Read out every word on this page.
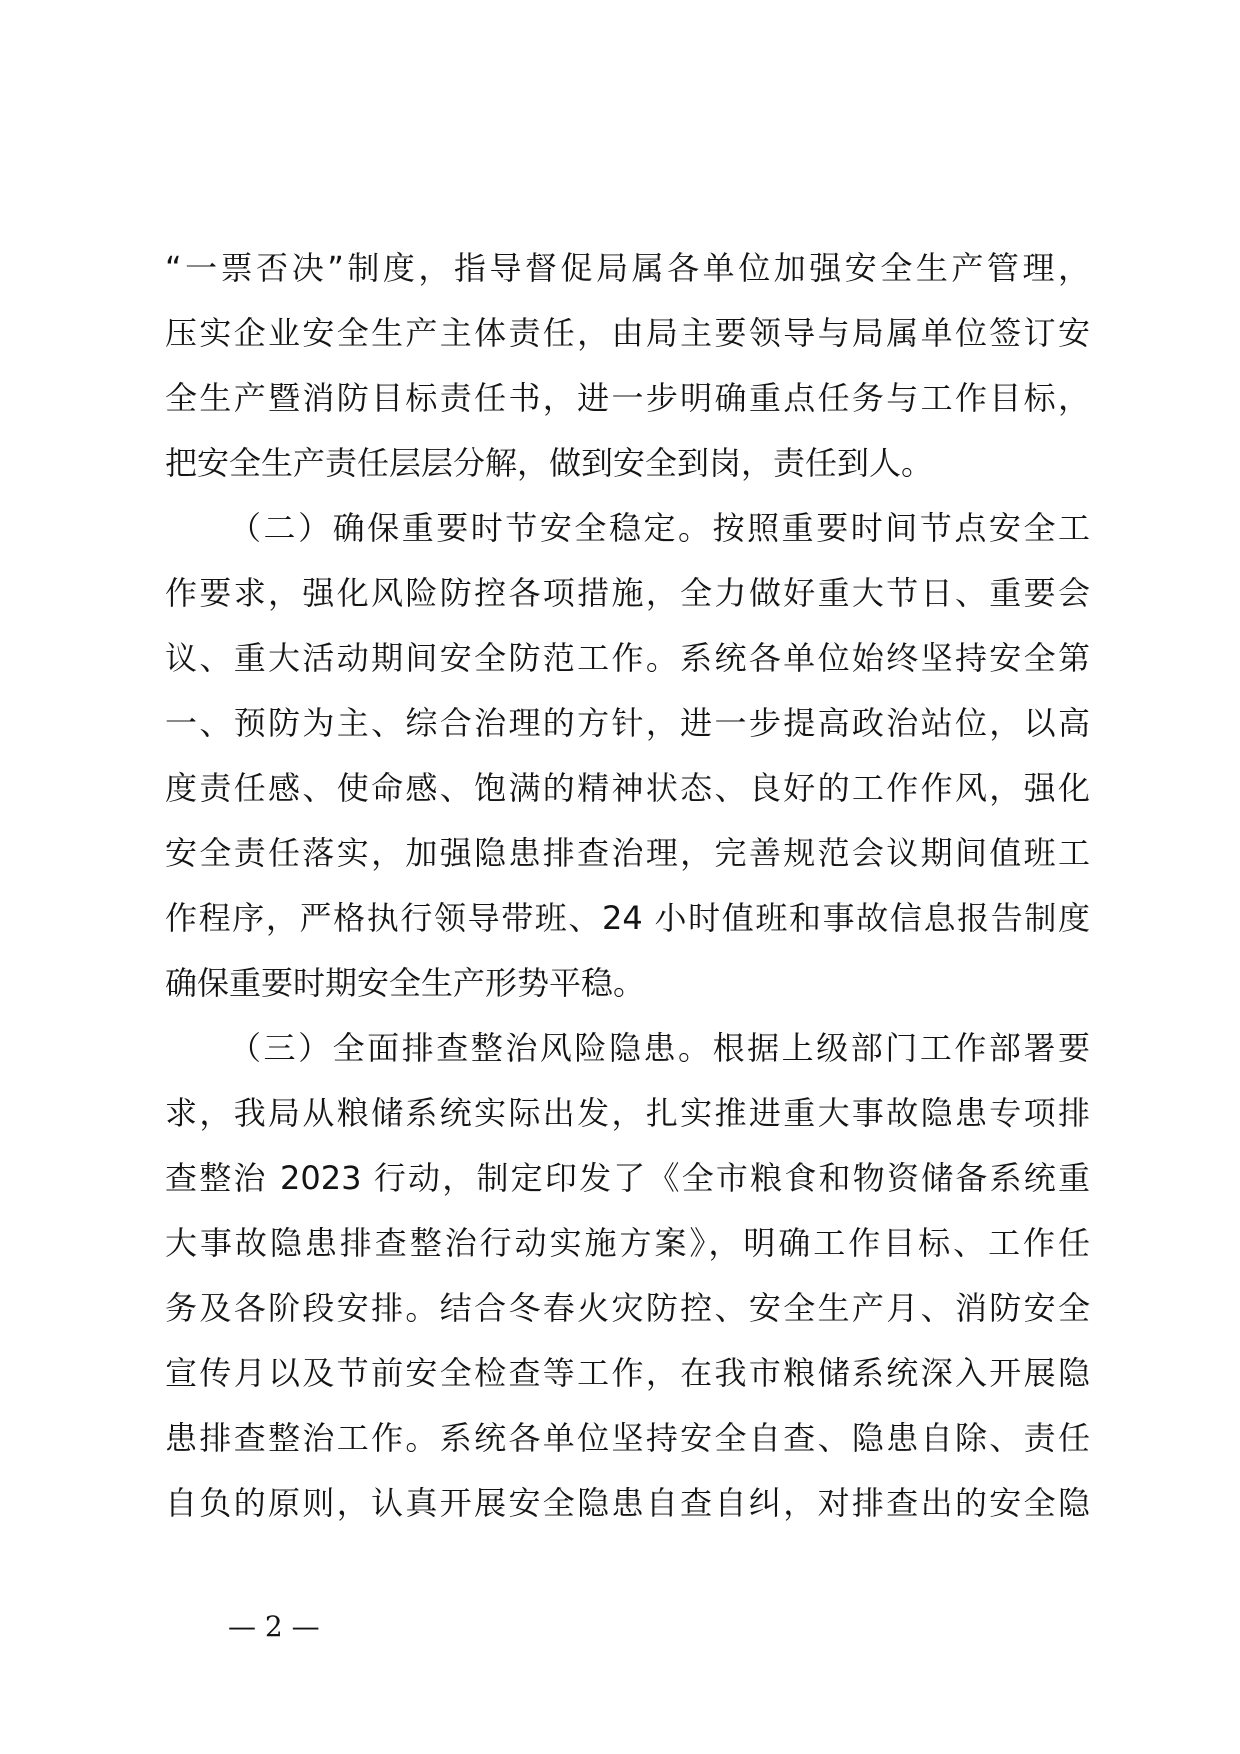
“一票否决”制度，指导督促局属各单位加强安全生产管理，
压实企业安全生产主体责任，由局主要领导与局属单位签订安
全生产暨消防目标责任书，进一步明确重点任务与工作目标，
把安全生产责任层层分解，做到安全到岗，责任到人。
（二）确保重要时节安全稳定。按照重要时间节点安全工
作要求，强化风险防控各项措施，全力做好重大节日、重要会
议、重大活动期间安全防范工作。系统各单位始终坚持安全第
一、预防为主、综合治理的方针，进一步提高政治站位，以高
度责任感、使命感、饱满的精神状态、良好的工作作风，强化
安全责任落实，加强隐患排查治理，完善规范会议期间值班工
作程序，严格执行领导带班、24 小时值班和事故信息报告制度
确保重要时期安全生产形势平稳。
（三）全面排查整治风险隐患。根据上级部门工作部署要
求，我局从粮储系统实际出发，扎实推进重大事故隐患专项排
查整治 2023 行动，制定印发了《全市粮食和物资储备系统重
大事故隐患排查整治行动实施方案》，明确工作目标、工作任
务及各阶段安排。结合冬春火灾防控、安全生产月、消防安全
宣传月以及节前安全检查等工作，在我市粮储系统深入开展隐
患排查整治工作。系统各单位坚持安全自查、隐患自除、责任
自负的原则，认真开展安全隐患自查自纠，对排查出的安全隐
— 2 —
